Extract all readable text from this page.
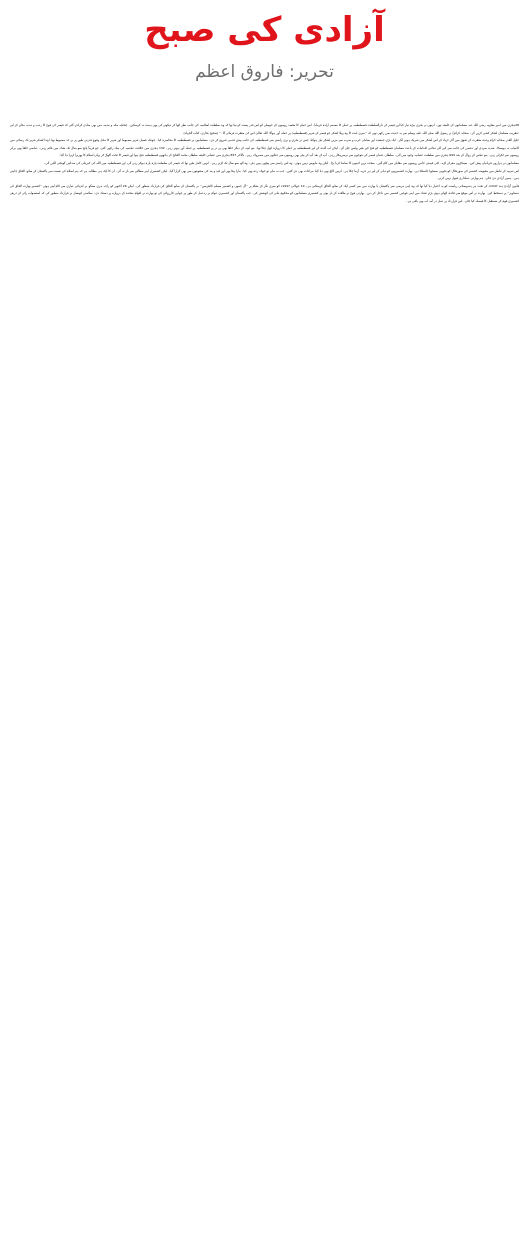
آزادی کی صبح
تحریر: فاروق اعظم

48ہجری میں امیر معاویہ رضی اللہ عنہ مسلمانوں کے خلیفہ تھے۔ انہوں نے بحری بیڑہ تیار کیا اور قیصر کے دارالسلطنت قسطنطنیہ پر حملے کا مصمم ارادہ فرمایا۔ اس حملے کا مقصد رومیوں کے حوصلے کو اس قدر پست کردینا تھا کہ وہ سلطنت اسلامیہ کی جانب نظر اٹھا کر دیکھنے کی بھی ہمت نہ کرسکیں۔ چنانچہ مکہ و مدینہ میں بھی منادی کرادی گئی کہ قیصر کی فوج کا رعب و دبدبہ مٹانے کے لیے عنقریب مسلمان لشکر کشی کریں گے۔ صحابہ کرامؓ نے رسول اللہ صلی اللہ علیہ وسلم سے یہ حدیث سن رکھی تھی کہ ’’میری امت کا وہ پہلا لشکر جو قیصر کے شہر (قسطنطنیہ) پر حملہ آور ہوگا، اللہ تعالیٰ اس کی مغفرت فرمائے گا۔‘‘ (صحیح بخاری، کتاب الجہاد)

جلیل القدر صحابہ کرام وعدہ مغفرت کے شوق میں آکر جہاد کے اس لشکر میں شریک ہونے لگے۔ ایک بڑی جمعیت اور سامان حرب و ضرب سے مزین لشکر تیار ہوگیا، جس نے بحری و بری راستے سے قسطنطنیہ کی جانب پیش قدمی شروع کر دی۔ مسلمانوں نے قسطنطنیہ کا محاصرہ کیا۔ چونکہ فصیل شہر مضبوط اور شہر کا محل وقوع قدرتی طور پر بے حد مضبوط تھا، لہٰذا لشکر شہر تک رسائی میں کامیاب نہ ہوسکا۔ شدید سردی اور دشمن کی جانب سے کیے گئے دفاعی اقدامات کے باعث مسلمان قسطنطنیہ کو فتح کیے بغیر واپس چلے آئے۔ لیکن اب آئندہ کے لیے قسطنطنیہ پر حملے کا دروازہ کھل چکا تھا۔ بنو امیہ کے دیگر خلفا بھی پے در پے قسطنطنیہ پر حملہ آور ہوتے رہے۔ 132 ہجری میں خلافت عباسیہ کی بنیاد رکھی گئی، جو قریباً پانچ سو سال تک بغداد میں قائم رہی۔ عباسی خلفا بھی برابر رومیوں سے ٹکراتے رہے۔ بنو عباس کے زوال کے بعد 699 ہجری میں سلطنت عثمانیہ وجود میں آئی۔ سلطان عثمان قیصر کی فوجوں سے برسرپیکار رہے۔ آپ کے بعد آپ کے بیٹے بھی رومیوں سے جنگوں میں مصروف رہے۔ بالآخر 857 ہجری میں عثمانی خلیفہ سلطان محمد الفاتح کے ہاتھوں قسطنطنیہ فتح ہوا اور قیصر کا تخت اکھاڑ کر یہاں اسلام کا پھریرا لہرا دیا گیا۔

مسلمانوں نے ہزاروں قربانیاں پیش کیں۔ سینکڑوں معرکے لڑے۔ کئی قیمتی جانیں رومیوں سے مقابلے میں کام آئیں۔ سخت ترین اذیتوں کا سامنا کرنا پڑا۔ لیکن وہ مایوس نہیں ہوئے۔ وہ اس راستے سے پیچھے نہیں ہٹے۔ وہ آٹھ سو سال تک لڑتے رہے۔ انہیں کامل یقین تھا کہ قیصر کی سلطنت پارہ پارہ ہوکر رہے گی، اور قسطنطنیہ میں اللہ کی کبریائی کی صدائیں گونجنے لگیں گی۔

اس تمہید کے تناظر میں مقبوضہ کشمیر کی صورتحال کو بخوبی سمجھا جاسکتا ہے۔ بھارت کشمیریوں کو دبانے کے لیے ہر حربہ آزما چکا ہے۔ انہیں لالچ بھی دیا گیا، مراعات بھی دی گئیں۔ جب نہ مانے تو خوف زدہ بھی کیا۔ مارا پیٹا بھی اور قید و بند کی صعوبتوں سے بھی گزارا گیا۔ لیکن کشمیری اپنے مطالبے سے باز نہ آئے۔ ان کا ایک ہی مطالبہ ہے کہ ہم اسلام کی نسبت سے پاکستان کے ساتھ الحاق چاہتے ہیں۔ ہمیں آزادی دی جائے۔ ہم بھارتی عملداری قبول نہیں کرتے۔

قانون آزادیٔ ہند 1947ء کے تحت ہر ہندوستانی ریاست کو یہ اختیار دیا گیا تھا کہ وہ اپنی مرضی سے پاکستان یا بھارت میں سے کسی ایک کے ساتھ الحاق کرسکتی ہے۔ 19 جولائی 1947ء کو سری نگر کے مقام پر ’’آل جموں و کشمیر مسلم کانفرنس‘‘ نے پاکستان کے ساتھ الحاق کی قرارداد منظور کی۔ لیکن 26 اکتوبر کو راجہ ہری سنگھ نے انتہائی عیاری سے کام لیتے ہوئے ’’کشمیر بھارت الحاق کی دستاویز‘‘ پر دستخط کیے۔ بھارت نے اس موقع سے فائدہ اٹھاتے ہوئے بڑی تعداد میں اپنی فوجیں کشمیر میں داخل کر دیں۔ بھارتی فوج نے طاقت کے بل بوتے پر کشمیری مسلمانوں کو محکوم بنانے کی کوشش کی۔ جب پاکستان اور کشمیری عوام نے ردعمل کے طور پر جوابی کارروائی کی تو بھارت نے اقوام متحدہ کے دروازے پر دستک دی۔ سلامتی کونسل نے قرارداد منظور کی کہ استصواب رائے کے ذریعے کشمیری قوم کے مستقبل کا فیصلہ کیا جائے۔ اس قرارداد پر عمل در آمد اب بھی باقی ہے۔
